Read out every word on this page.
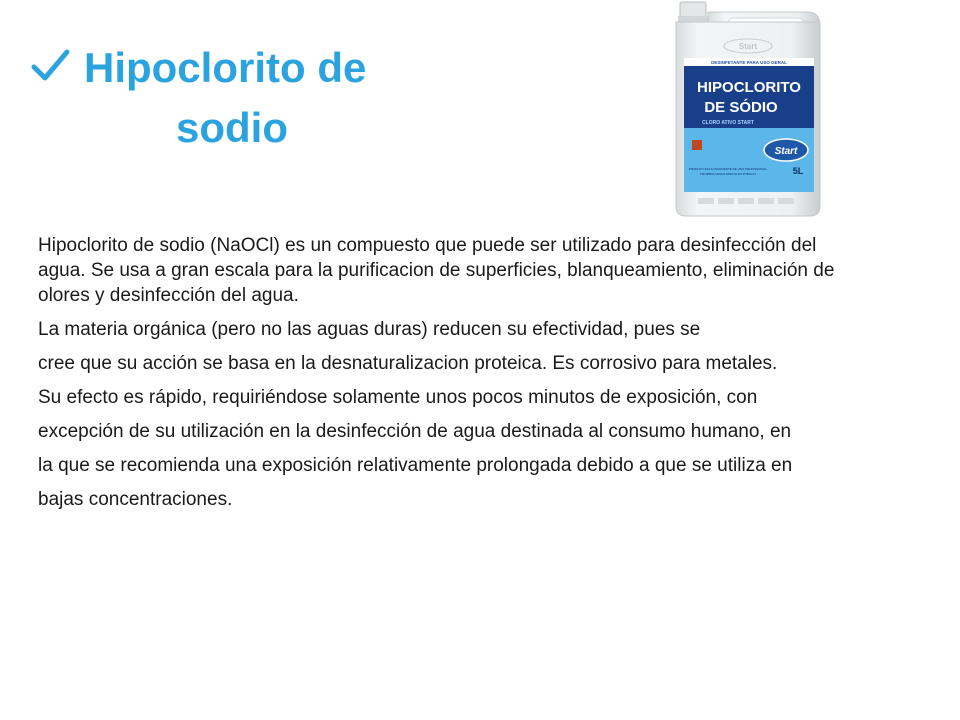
Hipoclorito de
sodio
Start
DESINFETANTE PARA USO GERAL
HIPOCLORITO
DE SÓDIO
CLORO ATIVO START
Start
5L
PRODUTO EXCLUSIVAMENTE DE USO PROFISSIONAL
PROIBIDA VENDA DIRETA AO PÚBLICO

Hipoclorito de sodio (NaOCl) es un compuesto que puede ser utilizado para desinfección del agua. Se usa a gran escala para la purificacion de superficies, blanqueamiento, eliminación de olores y desinfección del agua.

La materia orgánica (pero no las aguas duras) reducen su efectividad, pues se

cree que su acción se basa en la desnaturalizacion proteica. Es corrosivo para metales.

Su efecto es rápido, requiriéndose solamente unos pocos minutos de exposición, con

excepción de su utilización en la desinfección de agua destinada al consumo humano, en

la que se recomienda una exposición relativamente prolongada debido a que se utiliza en

bajas concentraciones.
